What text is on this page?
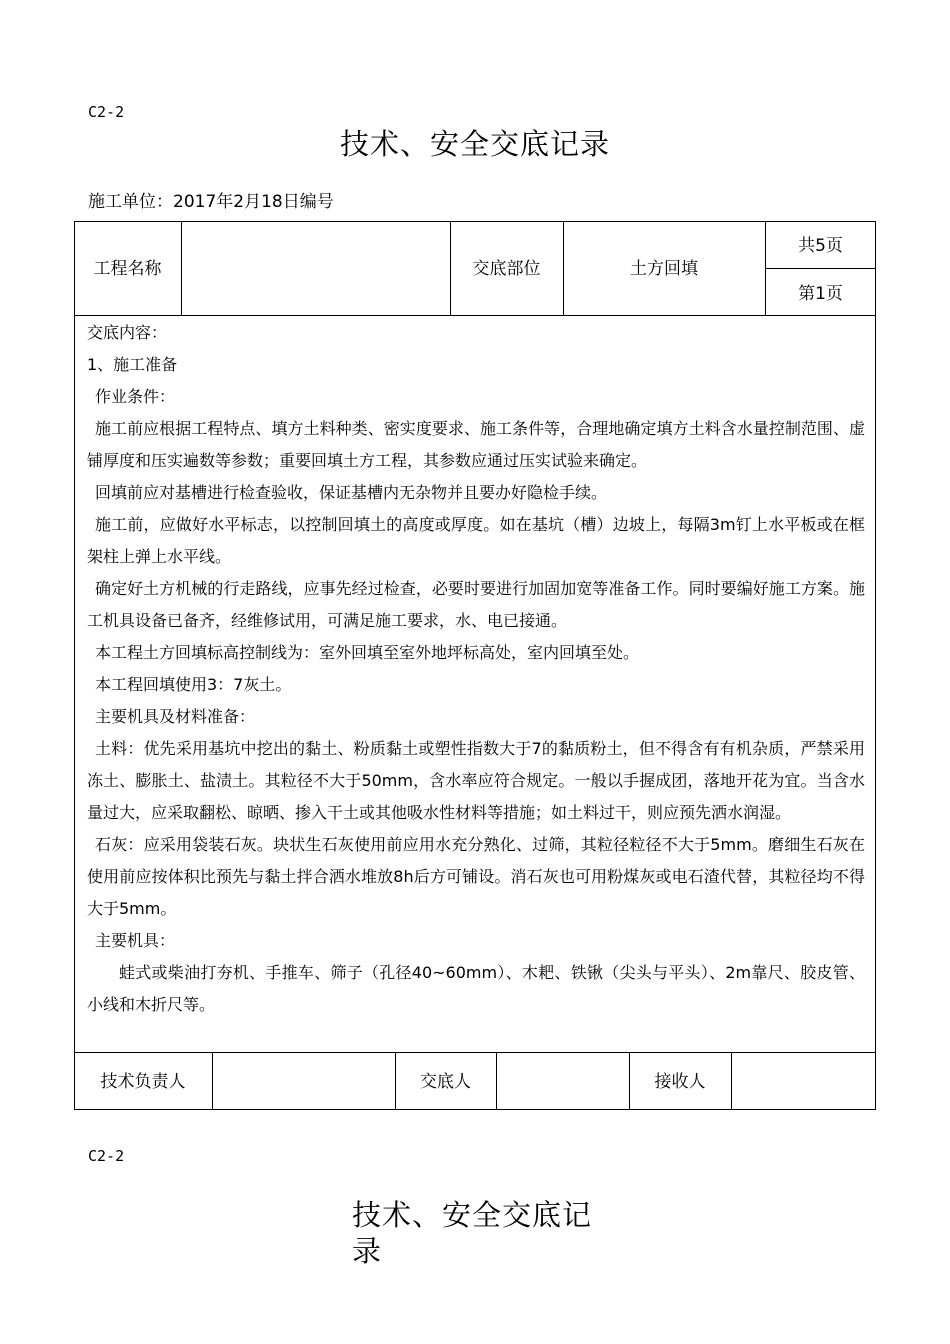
C2-2
技术、安全交底记录
施工单位：2017年2月18日编号
工程名称	交底部位	土方回填
共5页
第1页

交底内容：

1、施工准备

作业条件：

施工前应根据工程特点、填方土料种类、密实度要求、施工条件等，合理地确定填方土料含水量控制范围、虚铺厚度和压实遍数等参数；重要回填土方工程，其参数应通过压实试验来确定。

回填前应对基槽进行检查验收，保证基槽内无杂物并且要办好隐检手续。

施工前，应做好水平标志，以控制回填土的高度或厚度。如在基坑（槽）边坡上，每隔3m钉上水平板或在框架柱上弹上水平线。

确定好土方机械的行走路线，应事先经过检查，必要时要进行加固加宽等准备工作。同时要编好施工方案。施工机具设备已备齐，经维修试用，可满足施工要求，水、电已接通。

本工程土方回填标高控制线为：室外回填至室外地坪标高处，室内回填至处。

本工程回填使用3：7灰土。

主要机具及材料准备：

土料：优先采用基坑中挖出的黏土、粉质黏土或塑性指数大于7的黏质粉土，但不得含有有机杂质，严禁采用冻土、膨胀土、盐渍土。其粒径不大于50mm，含水率应符合规定。一般以手握成团，落地开花为宜。当含水量过大，应采取翻松、晾晒、掺入干土或其他吸水性材料等措施；如土料过干，则应预先洒水润湿。

石灰：应采用袋装石灰。块状生石灰使用前应用水充分熟化、过筛，其粒径粒径不大于5mm。磨细生石灰在使用前应按体积比预先与黏土拌合洒水堆放8h后方可铺设。消石灰也可用粉煤灰或电石渣代替，其粒径均不得大于5mm。

主要机具：

蛙式或柴油打夯机、手推车、筛子（孔径40~60mm）、木耙、铁锹（尖头与平头）、2m靠尺、胶皮管、小线和木折尺等。

技术负责人	交底人	接收人
C2-2
技术、安全交底记录
